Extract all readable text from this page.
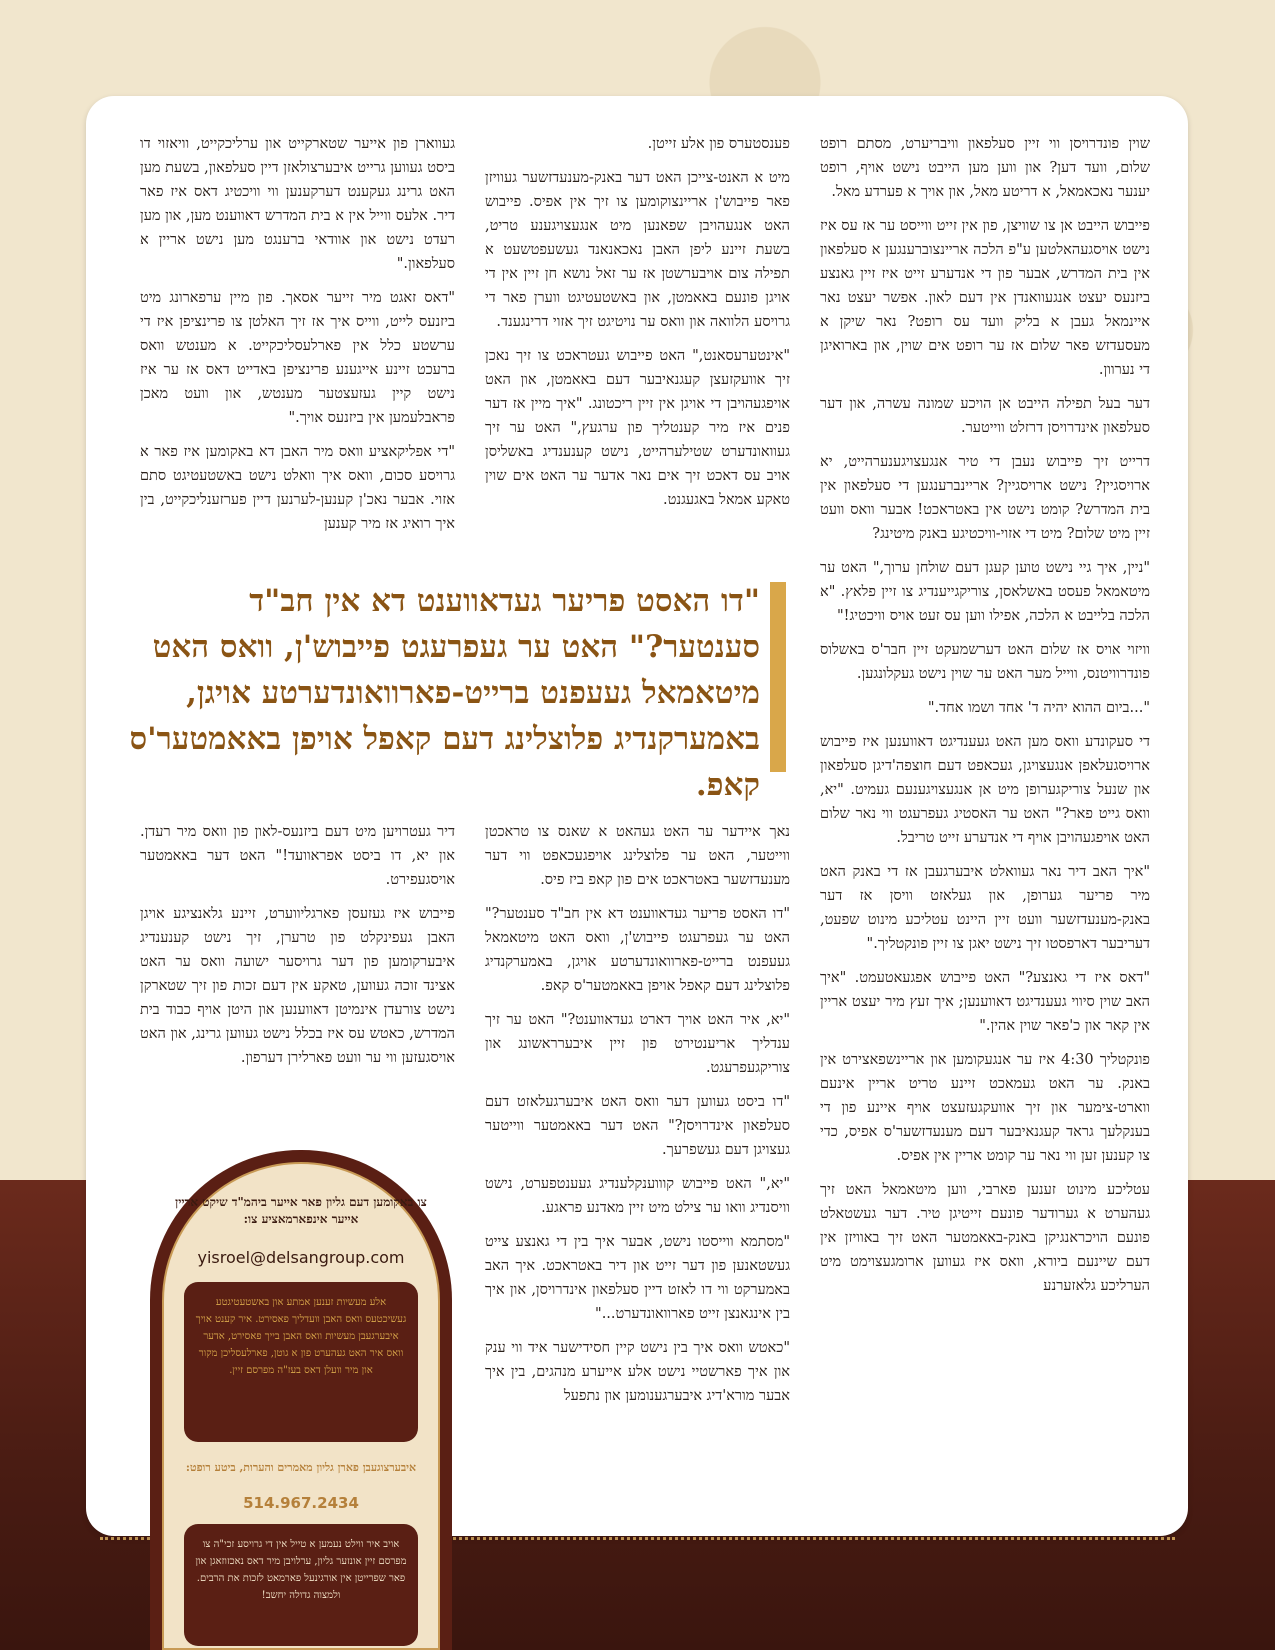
שוין פונדרויסן ווי זיין סעלפאון וויבריערט, מסתם רופט שלום, וועד דען? און ווען מען הייבט נישט אויף, רופט יענער נאכאמאל, א דריטע מאל, און אויך א פערדע מאל.

פייבוש הייבט אן צו שוויצן, פון אין זייט ווייסט ער אז עס איז נישט אויסגעהאלטען ע"פ הלכה אריינצוברענגען א סעלפאון אין בית המדרש, אבער פון די אנדערע זייט איז זיין גאנצע ביזנעס יעצט אנגעוואנדן אין דעם לאון. אפשר יעצט נאר איינמאל געבן א בליק וועד עס רופט? נאר שיקן א מעסעדזש פאר שלום אז ער רופט אים שוין, און בארואיגן די נערוון.

דער בעל תפילה הייבט אן הויכע שמונה עשרה, און דער סעלפאון אינדרויסן דרזלט ווייטער.

דרייט זיך פייבוש נעבן די טיר אנגעצויגענערהייט, יא ארויסגיין? נישט ארויסגיין? אריינברענגען די סעלפאון אין בית המדרש? קומט נישט אין באטראכט! אבער וואס וועט זיין מיט שלום? מיט די אזוי-וויכטיגע באנק מיטינג?

"ניין, איך גיי נישט טוען קעגן דעם שולחן ערוך," האט ער מיטאמאל פעסט באשלאסן, צוריקגייענדיג צו זיין פלאץ. "א הלכה בלייבט א הלכה, אפילו ווען עס זעט אויס וויכטיג!"

וויזוי אויס אז שלום האט דערשמעקט זיין חבר'ס באשלוס פונדרוויטנס, ווייל מער האט ער שוין נישט געקלונגען.

"...ביום ההוא יהיה ד' אחד ושמו אחד."

די סעקונדע וואס מען האט געענדיגט דאווענען איז פייבוש ארויסגעלאפן אנגעצויגן, געכאפט דעם חוצפה'דיגן סעלפאון און שנעל צוריקגערופן מיט אן אנגעצויגענעם געמיט. "יא, וואס גייט פאר?" האט ער האסטיג געפרעגט ווי נאר שלום האט אויפגעהויבן אויף די אנדערע זייט טריבל.

"איך האב דיר נאר געוואלט איבערגעבן אז די באנק האט מיר פריער גערופן, און געלאזט וויסן אז דער באנק-מענעדזשער וועט זיין היינט עטליכע מינוט שפעט, דעריבער דארפסטו זיך נישט יאגן צו זיין פונקטליך."

"דאס איז די גאנצע?" האט פייבוש אפגעאטעמט. "איך האב שוין סיווי געענדיגט דאווענען; איך זעץ מיר יעצט אריין אין קאר און כ'פאר שוין אהין."

פונקטליך 4:30 איז ער אנגעקומען און אריינשפאצירט אין באנק. ער האט געמאכט זיינע טריט אריין אינעם ווארט-צימער און זיך אוועקגעזעצט אויף איינע פון די בענקלעך גראד קעגנאיבער דעם מענעדזשער'ס אפיס, כדי צו קענען זען ווי נאר ער קומט אריין אין אפיס.

עטליכע מינוט זענען פארבי, ווען מיטאמאל האט זיך געהערט א גערודער פונעם זייטיגן טיר. דער געשטאלט פונעם הויכראנגיקן באנק-באאמטער האט זיך באוויזן אין דעם שיינעם ביורא, וואס איז געווען ארומגעצוימט מיט הערליכע גלאזערנע

פענסטערס פון אלע זייטן.

מיט א האנט-צייכן האט דער באנק-מענעדזשער געוויזן פאר פייבוש'ן אריינצוקומען צו זיך אין אפיס. פייבוש האט אנגעהויבן שפאנען מיט אנגעצויגענע טריט, בשעת זיינע ליפן האבן נאכאנאנד געשעפטשעט א תפילה צום אויבערשטן אז ער זאל נושא חן זיין אין די אויגן פונעם באאמטן, און באשטעטיגט ווערן פאר די גרויסע הלוואה און וואס ער נויטיגט זיך אזוי דרינגענד.

"אינטערעסאנט," האט פייבוש געטראכט צו זיך נאכן זיך אוועקזעצן קעגנאיבער דעם באאמטן, און האט אויפגעהויבן די אויגן אין זיין ריכטונג. "איך מיין אז דער פנים איז מיר קענטליך פון ערגעץ," האט ער זיך געוואונדערט שטילערהייט, נישט קענענדיג באשליסן אויב עס דאכט זיך אים נאר אדער ער האט אים שוין טאקע אמאל באגעגנט.

געווארן פון אייער שטארקייט און ערליכקייט, וויאזוי דו ביסט געווען גרייט איבערצולאזן דיין סעלפאון, בשעת מען האט גרינג געקענט דערקענען ווי וויכטיג דאס איז פאר דיר. אלעס ווייל אין א בית המדרש דאווענט מען, און מען רעדט נישט און אוודאי ברענגט מען נישט אריין א סעלפאון."

"דאס זאגט מיר זייער אסאך. פון מיין ערפארונג מיט ביזנעס לייט, ווייס איך אז זיך האלטן צו פרינציפן איז די ערשטע כלל אין פארלעסליכקייט. א מענטש וואס ברעכט זיינע אייגענע פרינציפן באדייט דאס אז ער איז נישט קיין געזעצטער מענטש, און וועט מאכן פראבלעמען אין ביזנעס אויך."

"די אפליקאציע וואס מיר האבן דא באקומען איז פאר א גרויסע סכום, וואס איך וואלט נישט באשטעטיגט סתם אזוי. אבער נאכ'ן קענען-לערנען דיין פערזענליכקייט, בין איך רואיג אז מיר קענען

"דו האסט פריער געדאווענט דא אין חב"ד סענטער?" האט ער געפרעגט פייבוש'ן, וואס האט מיטאמאל געעפנט ברייט-פארוואונדערטע אויגן, באמערקנדיג פלוצלינג דעם קאפל אויפן באאמטער'ס קאפ.

נאך איידער ער האט געהאט א שאנס צו טראכטן ווייטער, האט ער פלוצלינג אויפגעכאפט ווי דער מענעדזשער באטראכט אים פון קאפ ביז פיס.

"דו האסט פריער געדאווענט דא אין חב"ד סענטער?" האט ער געפרעגט פייבוש'ן, וואס האט מיטאמאל געעפנט ברייט-פארוואונדערטע אויגן, באמערקנדיג פלוצלינג דעם קאפל אויפן באאמטער'ס קאפ.

"יא, איר האט אויך דארט געדאווענט?" האט ער זיך ענדליך אריענטירט פון זיין איבערראשונג און צוריקגעפרעגט.

"דו ביסט געווען דער וואס האט איבערגעלאזט דעם סעלפאון אינדרויסן?" האט דער באאמטער ווייטער געצויגן דעם געשפרעך.

"יא," האט פייבוש קוווענקלענדיג געענטפערט, נישט וויסנדיג וואו ער צילט מיט זיין מאדנע פראגע.

"מסתמא ווייסטו נישט, אבער איך בין די גאנצע צייט געשטאנען פון דער זייט און דיר באטראכט. איך האב באמערקט ווי דו לאזט דיין סעלפאון אינדרויסן, און איך בין אינגאנצן זייט פארוואונדערט..."

"כאטש וואס איך בין נישט קיין חסידישער איד ווי ענק און איך פארשטיי נישט אלע אייערע מנהגים, בין איך אבער מורא'דיג איבערגענומען און נתפעל

דיר געטרויען מיט דעם ביזנעס-לאון פון וואס מיר רעדן. און יא, דו ביסט אפראוועד!" האט דער באאמטער אויסגעפירט.

פייבוש איז געזעסן פארגליווערט, זיינע גלאנציגע אויגן האבן געפינקלט פון טרערן, זיך נישט קענענדיג איבערקומען פון דער גרויסער ישועה וואס ער האט אצינד זוכה געווען, טאקע אין דעם זכות פון זיך שטארקן נישט צורעדן אינמיטן דאווענען און היטן אויף כבוד בית המדרש, כאטש עס איז בכלל נישט געווען גרינג, און האט אויסגעזען ווי ער וועט פארלירן דערפון.

צו באקומען דעם גליון פאר אייער ביהמ"ד שיקט אריין אייער אינפארמאציע צו:
yisroel@delsangroup.com
אלע מעשיות זענען אמתע און באשטעטיגטע געשיכטעס וואס האבן וועדליך פאסירט. איר קענט אויך איבערגעבן מעשיות וואס האבן בייך פאסירט, אדער וואס איר האט געהערט פון א גוטן, פארלעסליכן מקור און מיר וועלן דאס בעז"ה מפרסם זיין.
איבערצוגעבן פארן גליון מאמרים והערות, ביטע רופט:
514.967.2434
אויב איר ווילט נעמען א טייל אין די גרויסע זכי"ה צו מפרסם זיין אונזער גליון, ערלויבן מיר דאס נאכזוזאגן און פאר שפרייטן אין אורגינעל פארמאט לזכות את הרבים. ולמצוה גדולה יחשב!
